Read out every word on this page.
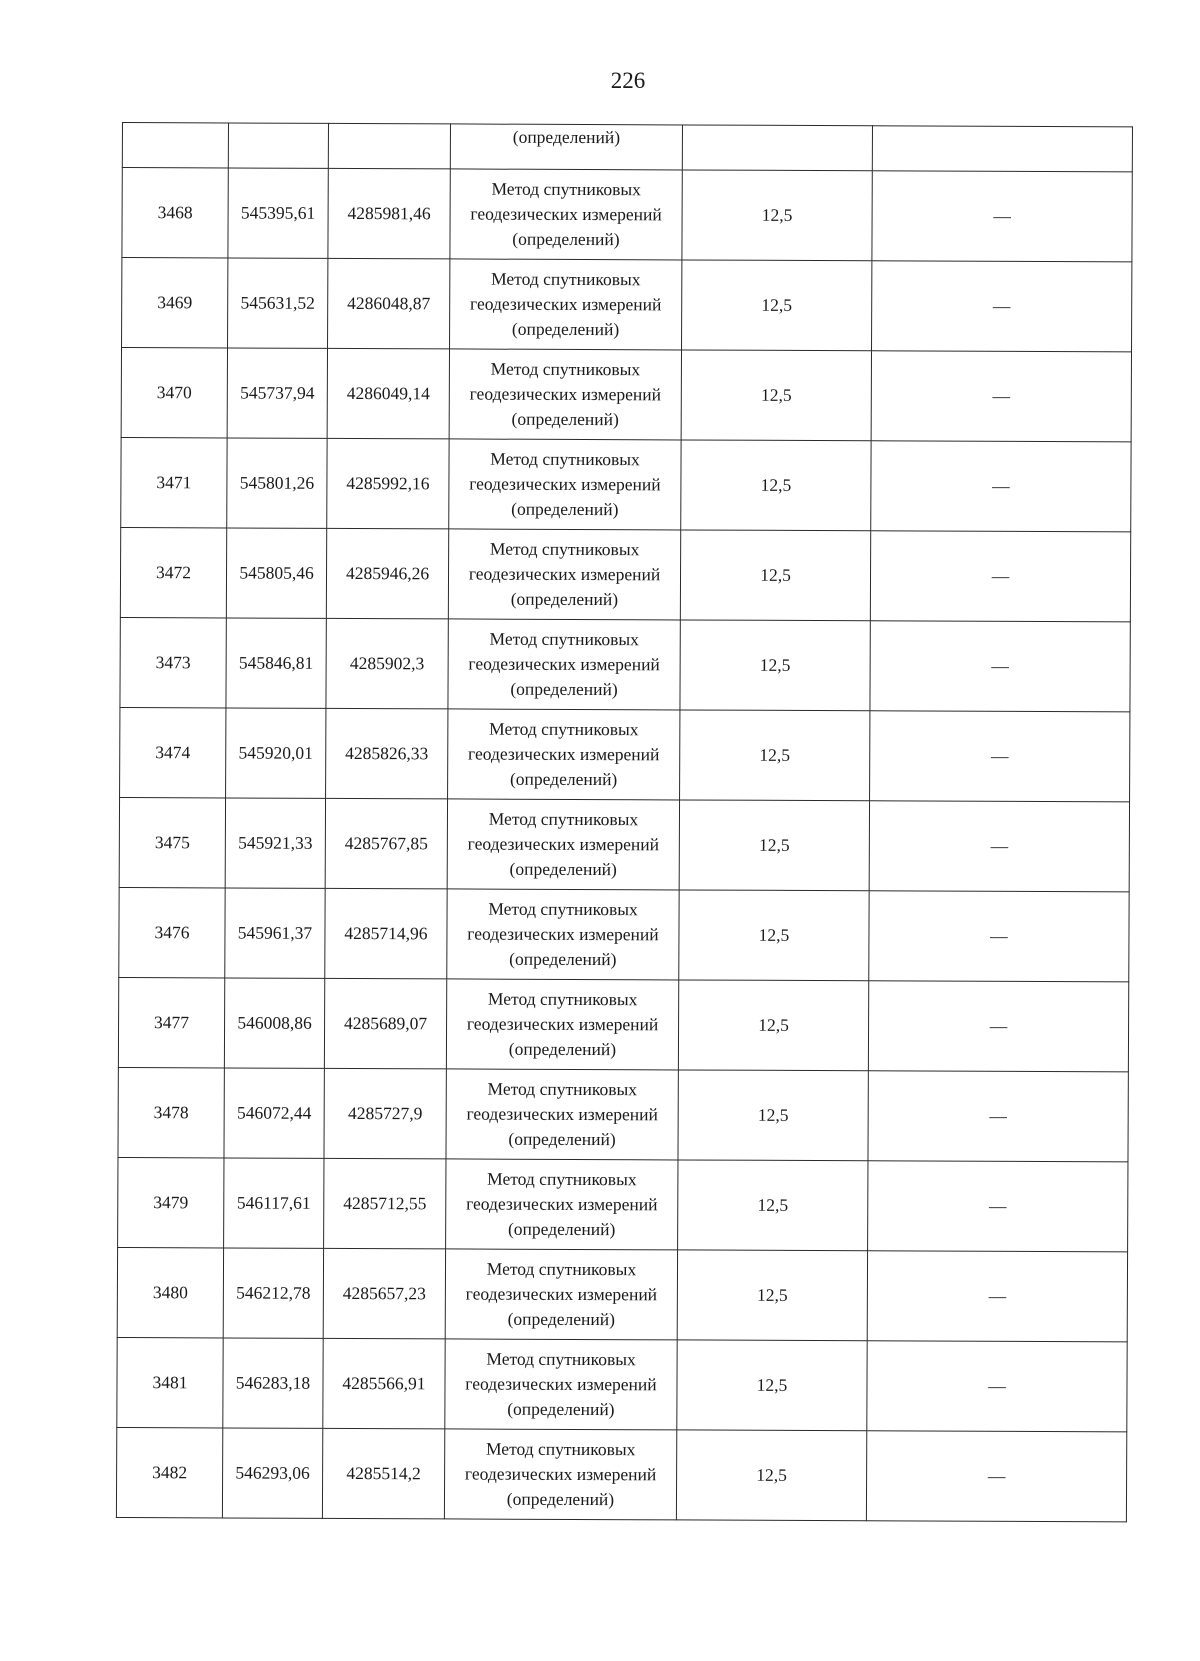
226
			(определений)		
3468	545395,61	4285981,46	Метод спутниковых
геодезических измерений
(определений)	12,5	—
3469	545631,52	4286048,87	Метод спутниковых
геодезических измерений
(определений)	12,5	—
3470	545737,94	4286049,14	Метод спутниковых
геодезических измерений
(определений)	12,5	—
3471	545801,26	4285992,16	Метод спутниковых
геодезических измерений
(определений)	12,5	—
3472	545805,46	4285946,26	Метод спутниковых
геодезических измерений
(определений)	12,5	—
3473	545846,81	4285902,3	Метод спутниковых
геодезических измерений
(определений)	12,5	—
3474	545920,01	4285826,33	Метод спутниковых
геодезических измерений
(определений)	12,5	—
3475	545921,33	4285767,85	Метод спутниковых
геодезических измерений
(определений)	12,5	—
3476	545961,37	4285714,96	Метод спутниковых
геодезических измерений
(определений)	12,5	—
3477	546008,86	4285689,07	Метод спутниковых
геодезических измерений
(определений)	12,5	—
3478	546072,44	4285727,9	Метод спутниковых
геодезических измерений
(определений)	12,5	—
3479	546117,61	4285712,55	Метод спутниковых
геодезических измерений
(определений)	12,5	—
3480	546212,78	4285657,23	Метод спутниковых
геодезических измерений
(определений)	12,5	—
3481	546283,18	4285566,91	Метод спутниковых
геодезических измерений
(определений)	12,5	—
3482	546293,06	4285514,2	Метод спутниковых
геодезических измерений
(определений)	12,5	—
